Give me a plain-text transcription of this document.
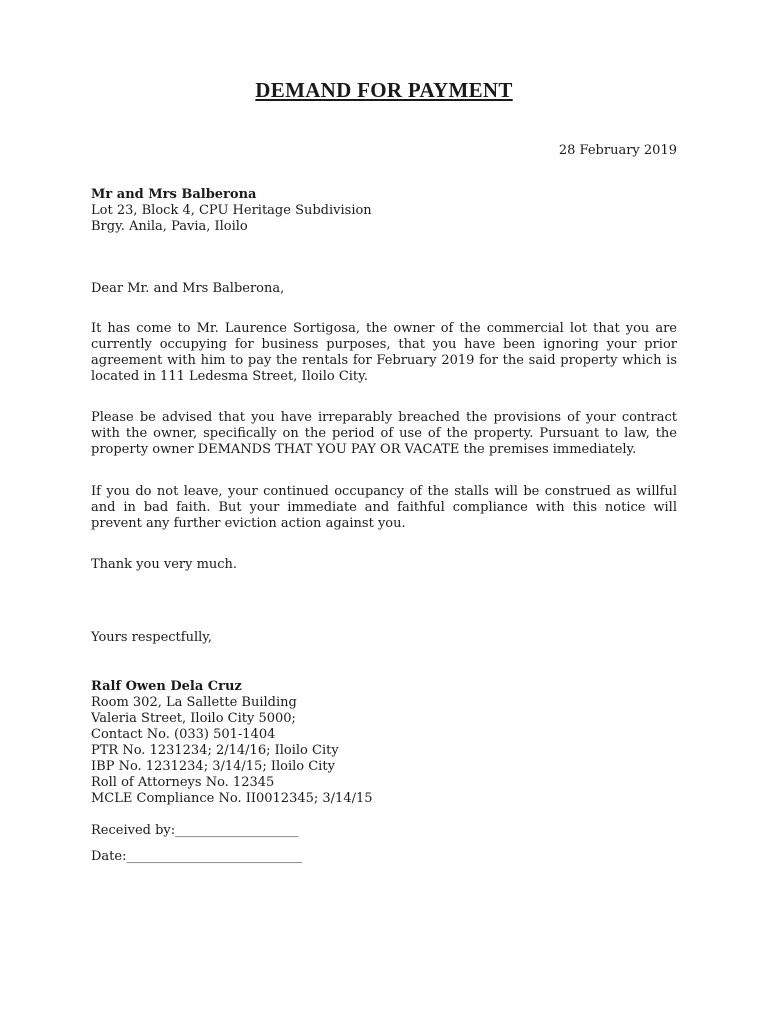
DEMAND FOR PAYMENT
28 February 2019
Mr and Mrs Balberona
Lot 23, Block 4, CPU Heritage Subdivision
Brgy. Anila, Pavia, Iloilo
Dear Mr. and Mrs Balberona,
It has come to Mr. Laurence Sortigosa, the owner of the commercial lot that you are currently occupying for business purposes, that you have been ignoring your prior agreement with him to pay the rentals for February 2019 for the said property which is located in 111 Ledesma Street, Iloilo City.
Please be advised that you have irreparably breached the provisions of your contract with the owner, specifically on the period of use of the property. Pursuant to law, the property owner DEMANDS THAT YOU PAY OR VACATE the premises immediately.
If you do not leave, your continued occupancy of the stalls will be construed as willful and in bad faith. But your immediate and faithful compliance with this notice will prevent any further eviction action against you.
Thank you very much.
Yours respectfully,
Ralf Owen Dela Cruz
Room 302, La Sallette Building
Valeria Street, Iloilo City 5000;
Contact No. (033) 501-1404
PTR No. 1231234; 2/14/16; Iloilo City
IBP No. 1231234; 3/14/15; Iloilo City
Roll of Attorneys No. 12345
MCLE Compliance No. II0012345; 3/14/15
Received by:___________________
Date:___________________________
